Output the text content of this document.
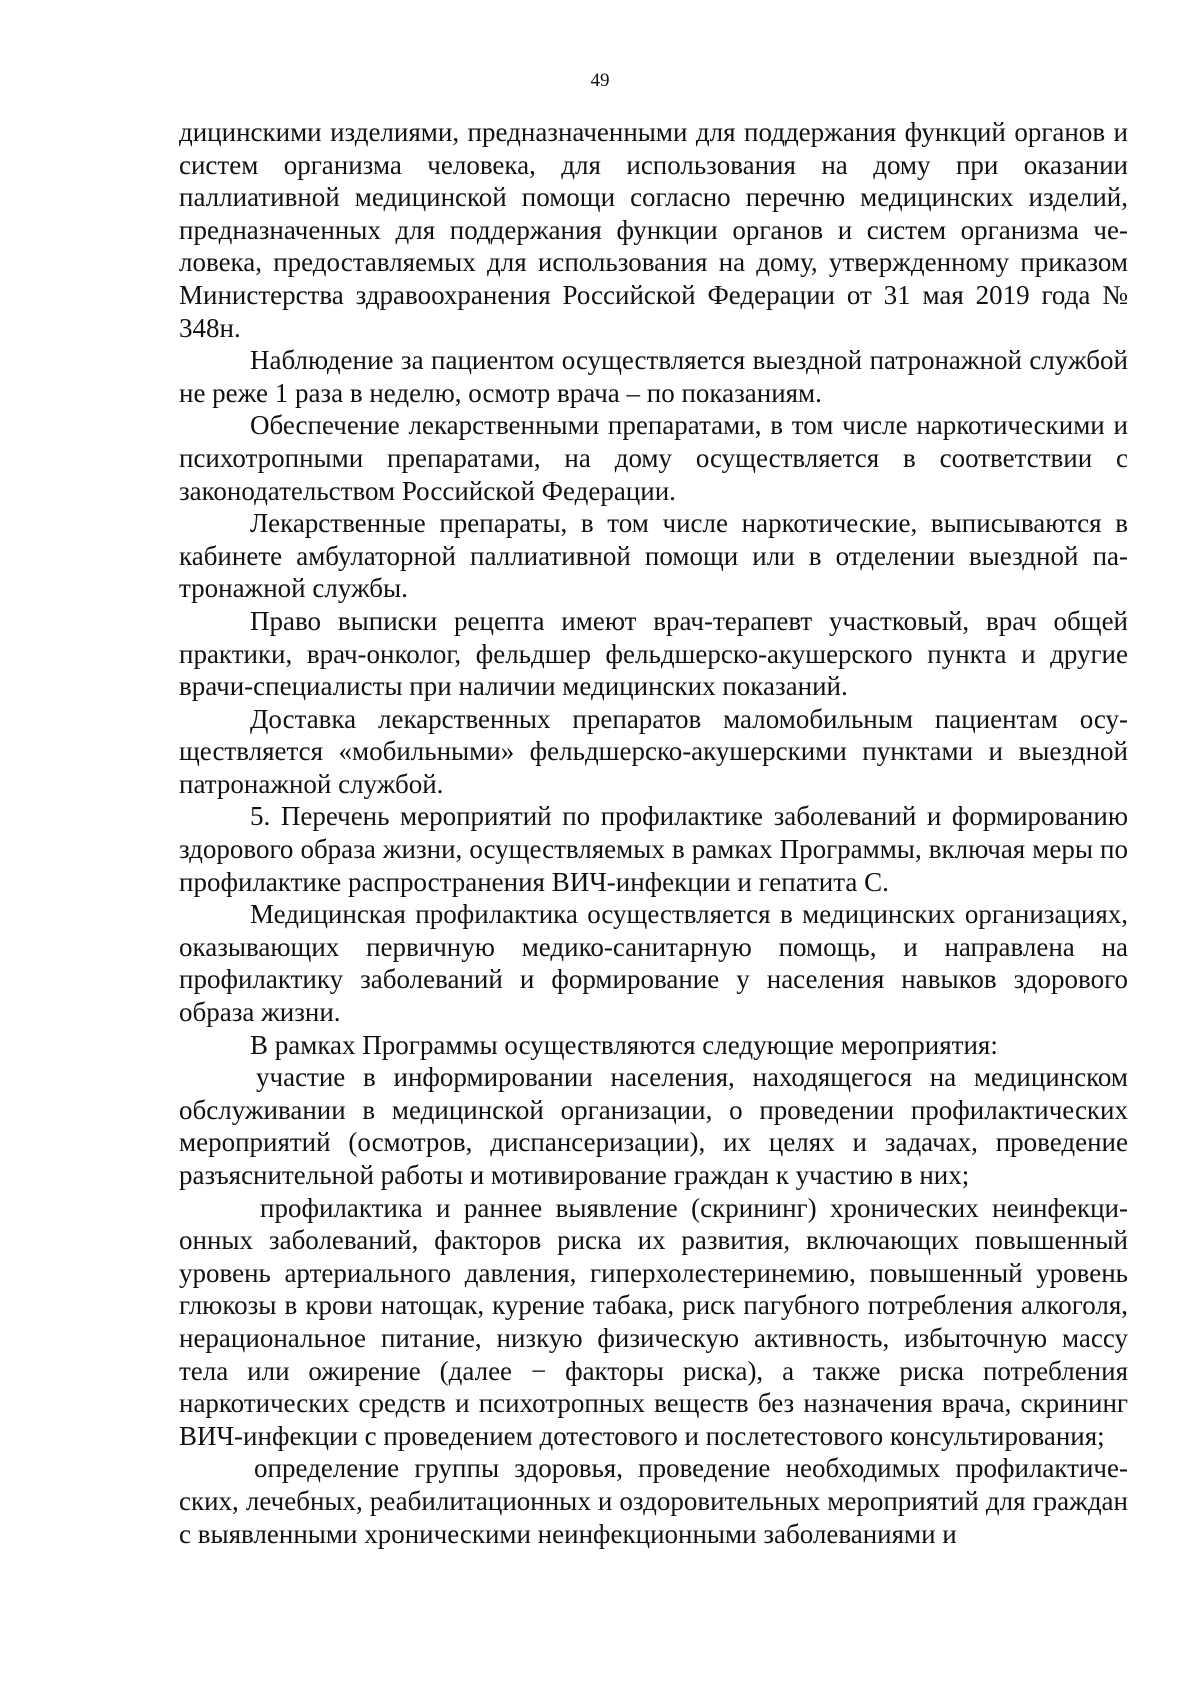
49

дицинскими изделиями, предназначенными для поддержания функций органов и систем организма человека, для использования на дому при оказании паллиативной медицинской помощи согласно перечню медицинских изделий, предназначенных для поддержания функции органов и систем организма человека, предоставляемых для использования на дому, утвержденному приказом Министерства здравоохранения Российской Федерации от 31 мая 2019 года № 348н.

Наблюдение за пациентом осуществляется выездной патронажной службой не реже 1 раза в неделю, осмотр врача – по показаниям.

Обеспечение лекарственными препаратами, в том числе наркотическими и психотропными препаратами, на дому осуществляется в соответствии с законодательством Российской Федерации.

Лекарственные препараты, в том числе наркотические, выписываются в кабинете амбулаторной паллиативной помощи или в отделении выездной патронажной службы.

Право выписки рецепта имеют врач-терапевт участковый, врач общей практики, врач-онколог, фельдшер фельдшерско-акушерского пункта и другие врачи-специалисты при наличии медицинских показаний.

Доставка лекарственных препаратов маломобильным пациентам осуществляется «мобильными» фельдшерско-акушерскими пунктами и выездной патронажной службой.

5. Перечень мероприятий по профилактике заболеваний и формированию здорового образа жизни, осуществляемых в рамках Программы, включая меры по профилактике распространения ВИЧ-инфекции и гепатита С.

Медицинская профилактика осуществляется в медицинских организациях, оказывающих первичную медико-санитарную помощь, и направлена на профилактику заболеваний и формирование у населения навыков здорового образа жизни.

В рамках Программы осуществляются следующие мероприятия:

участие в информировании населения, находящегося на медицинском обслуживании в медицинской организации, о проведении профилактических мероприятий (осмотров, диспансеризации), их целях и задачах, проведение разъяснительной работы и мотивирование граждан к участию в них;

профилактика и раннее выявление (скрининг) хронических неинфекционных заболеваний, факторов риска их развития, включающих повышенный уровень артериального давления, гиперхолестеринемию, повышенный уровень глюкозы в крови натощак, курение табака, риск пагубного потребления алкоголя, нерациональное питание, низкую физическую активность, избыточную массу тела или ожирение (далее − факторы риска), а также риска потребления наркотических средств и психотропных веществ без назначения врача, скрининг ВИЧ-инфекции с проведением дотестового и послетестового консультирования;

определение группы здоровья, проведение необходимых профилактических, лечебных, реабилитационных и оздоровительных мероприятий для граждан с выявленными хроническими неинфекционными заболеваниями и
